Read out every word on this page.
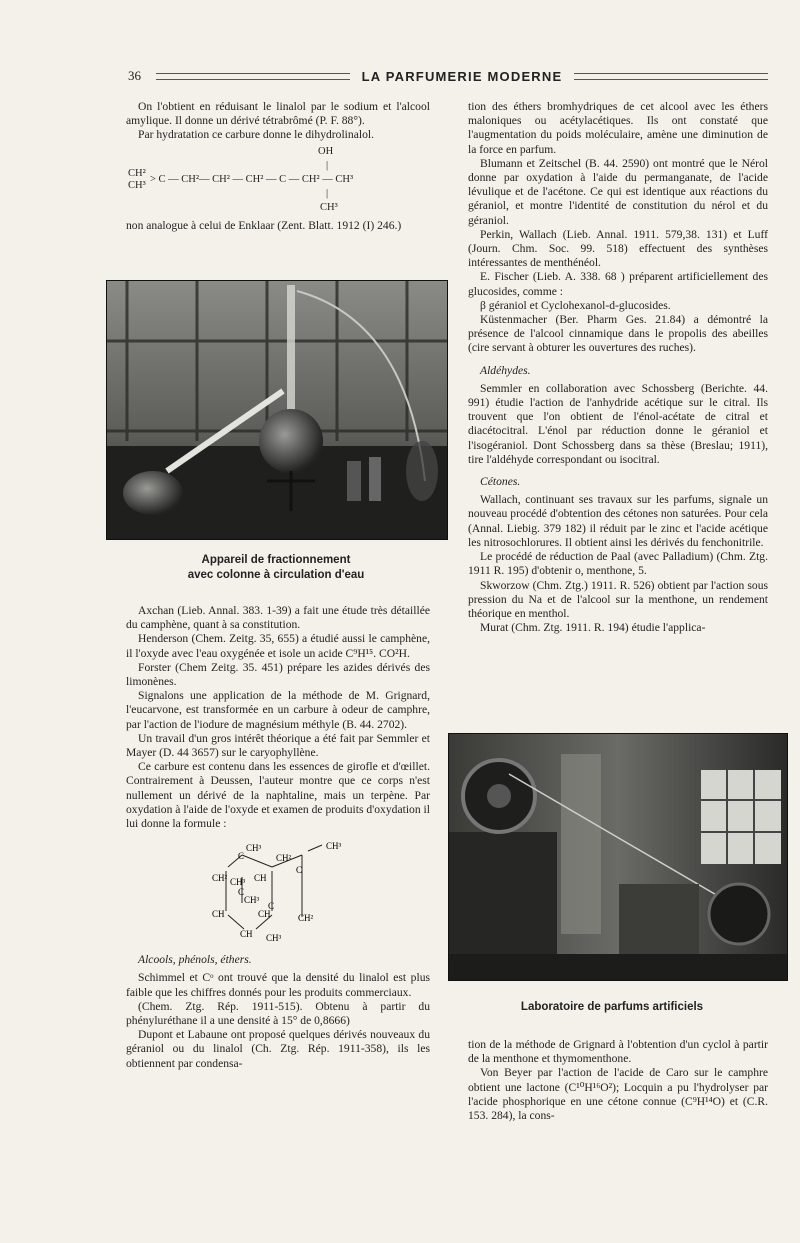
36	LA PARFUMERIE MODERNE

On l'obtient en réduisant le linalol par le sodium et l'alcool amylique. Il donne un dérivé tétrabrômé (P. F. 88°).

Par hydratation ce carbure donne le dihydrolinalol.

OH
|
CH²
CH³
> C — CH²— CH² — CH² — C — CH² — CH³
|
CH³

non analogue à celui de Enklaar (Zent. Blatt. 1912 (I) 246.)

Appareil de fractionnement
avec colonne à circulation d'eau

Axchan (Lieb. Annal. 383. 1-39) a fait une étude très détaillée du camphène, quant à sa constitution.

Henderson (Chem. Zeitg. 35, 655) a étudié aussi le camphène, il l'oxyde avec l'eau oxygénée et isole un acide C⁹H¹⁵. CO²H.

Forster (Chem Zeitg. 35. 451) prépare les azides dérivés des limonènes.

Signalons une application de la méthode de M. Grignard, l'eucarvone, est transformée en un carbure à odeur de camphre, par l'action de l'iodure de magnésium méthyle (B. 44. 2702).

Un travail d'un gros intérêt théorique a été fait par Semmler et Mayer (D. 44 3657) sur le caryophyllène.

Ce carbure est contenu dans les essences de girofle et d'œillet. Contrairement à Deussen, l'auteur montre que ce corps n'est nullement un dérivé de la naphtaline, mais un terpène. Par oxydation à l'aide de l'oxyde et examen de produits d'oxydation il lui donne la formule :

CH³
C	CH²
CH³
CH² CH³ CH
C
C
CH³
CH	CH
C
CH²
CH CH³

Alcools, phénols, éthers.

Schimmel et Cᵒ ont trouvé que la densité du linalol est plus faible que les chiffres donnés pour les produits commerciaux.

(Chem. Ztg. Rép. 1911-515). Obtenu à partir du phényluréthane il a une densité à 15° de 0,8666)

Dupont et Labaune ont proposé quelques dérivés nouveaux du géraniol ou du linalol (Ch. Ztg. Rép. 1911-358), ils les obtiennent par condensa-

tion des éthers bromhydriques de cet alcool avec les éthers maloniques ou acétylacétiques. Ils ont constaté que l'augmentation du poids moléculaire, amène une diminution de la force en parfum.

Blumann et Zeitschel (B. 44. 2590) ont montré que le Nérol donne par oxydation à l'aide du permanganate, de l'acide lévulique et de l'acétone. Ce qui est identique aux réactions du géraniol, et montre l'identité de constitution du nérol et du géraniol.

Perkin, Wallach (Lieb. Annal. 1911. 579,38. 131) et Luff (Journ. Chm. Soc. 99. 518) effectuent des synthèses intéressantes de menthénéol.

E. Fischer (Lieb. A. 338. 68 ) préparent artificiellement des glucosides, comme :

β géraniol et Cyclohexanol-d-glucosides.

Küstenmacher (Ber. Pharm Ges. 21.84) a démontré la présence de l'alcool cinnamique dans le propolis des abeilles (cire servant à obturer les ouvertures des ruches).

Aldéhydes.

Semmler en collaboration avec Schossberg (Berichte. 44. 991) étudie l'action de l'anhydride acétique sur le citral. Ils trouvent que l'on obtient de l'énol-acétate de citral et diacétocitral. L'énol par réduction donne le géraniol et l'isogéraniol. Dont Schossberg dans sa thèse (Breslau; 1911), tire l'aldéhyde correspondant ou isocitral.

Cétones.

Wallach, continuant ses travaux sur les parfums, signale un nouveau procédé d'obtention des cétones non saturées. Pour cela (Annal. Liebig. 379 182) il réduit par le zinc et l'acide acétique les nitrosochlorures. Il obtient ainsi les dérivés du fenchonitrile.

Le procédé de réduction de Paal (avec Palladium) (Chm. Ztg. 1911 R. 195) d'obtenir o, menthone, 5.

Skworzow (Chm. Ztg.) 1911. R. 526) obtient par l'action sous pression du Na et de l'alcool sur la menthone, un rendement théorique en menthol.

Murat (Chm. Ztg. 1911. R. 194) étudie l'applica-

Laboratoire de parfums artificiels

tion de la méthode de Grignard à l'obtention d'un cyclol à partir de la menthone et thymomenthone.

Von Beyer par l'action de l'acide de Caro sur le camphre obtient une lactone (C¹⁰H¹⁶O²); Locquin a pu l'hydrolyser par l'acide phosphorique en une cétone connue (C⁹H¹⁴O) et (C.R. 153. 284), la cons-
